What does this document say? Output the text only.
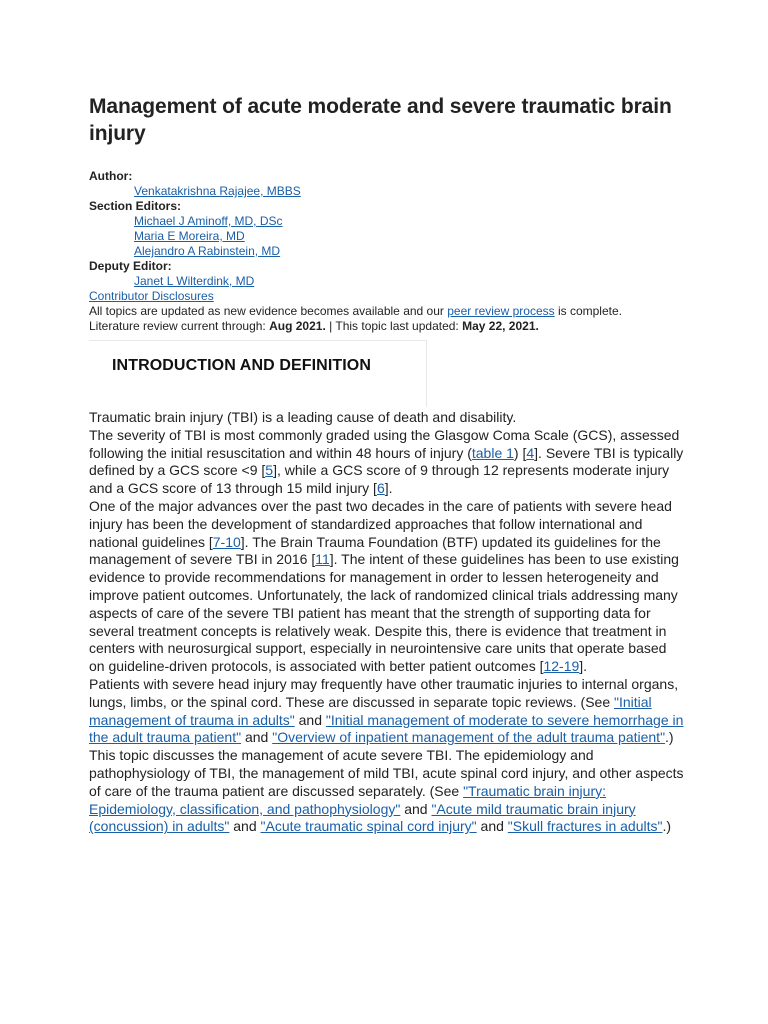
Management of acute moderate and severe traumatic brain injury
Author:
Venkatakrishna Rajajee, MBBS
Section Editors:
Michael J Aminoff, MD, DSc
Maria E Moreira, MD
Alejandro A Rabinstein, MD
Deputy Editor:
Janet L Wilterdink, MD
Contributor Disclosures
All topics are updated as new evidence becomes available and our peer review process is complete.
Literature review current through: Aug 2021. | This topic last updated: May 22, 2021.
INTRODUCTION AND DEFINITION

Traumatic brain injury (TBI) is a leading cause of death and disability.

The severity of TBI is most commonly graded using the Glasgow Coma Scale (GCS), assessed following the initial resuscitation and within 48 hours of injury (table 1) [4]. Severe TBI is typically defined by a GCS score <9 [5], while a GCS score of 9 through 12 represents moderate injury and a GCS score of 13 through 15 mild injury [6].

One of the major advances over the past two decades in the care of patients with severe head injury has been the development of standardized approaches that follow international and national guidelines [7-10]. The Brain Trauma Foundation (BTF) updated its guidelines for the management of severe TBI in 2016 [11]. The intent of these guidelines has been to use existing evidence to provide recommendations for management in order to lessen heterogeneity and improve patient outcomes. Unfortunately, the lack of randomized clinical trials addressing many aspects of care of the severe TBI patient has meant that the strength of supporting data for several treatment concepts is relatively weak. Despite this, there is evidence that treatment in centers with neurosurgical support, especially in neurointensive care units that operate based on guideline-driven protocols, is associated with better patient outcomes [12-19].

Patients with severe head injury may frequently have other traumatic injuries to internal organs, lungs, limbs, or the spinal cord. These are discussed in separate topic reviews. (See "Initial management of trauma in adults" and "Initial management of moderate to severe hemorrhage in the adult trauma patient" and "Overview of inpatient management of the adult trauma patient".)

This topic discusses the management of acute severe TBI. The epidemiology and pathophysiology of TBI, the management of mild TBI, acute spinal cord injury, and other aspects of care of the trauma patient are discussed separately. (See "Traumatic brain injury: Epidemiology, classification, and pathophysiology" and "Acute mild traumatic brain injury (concussion) in adults" and "Acute traumatic spinal cord injury" and "Skull fractures in adults".)
